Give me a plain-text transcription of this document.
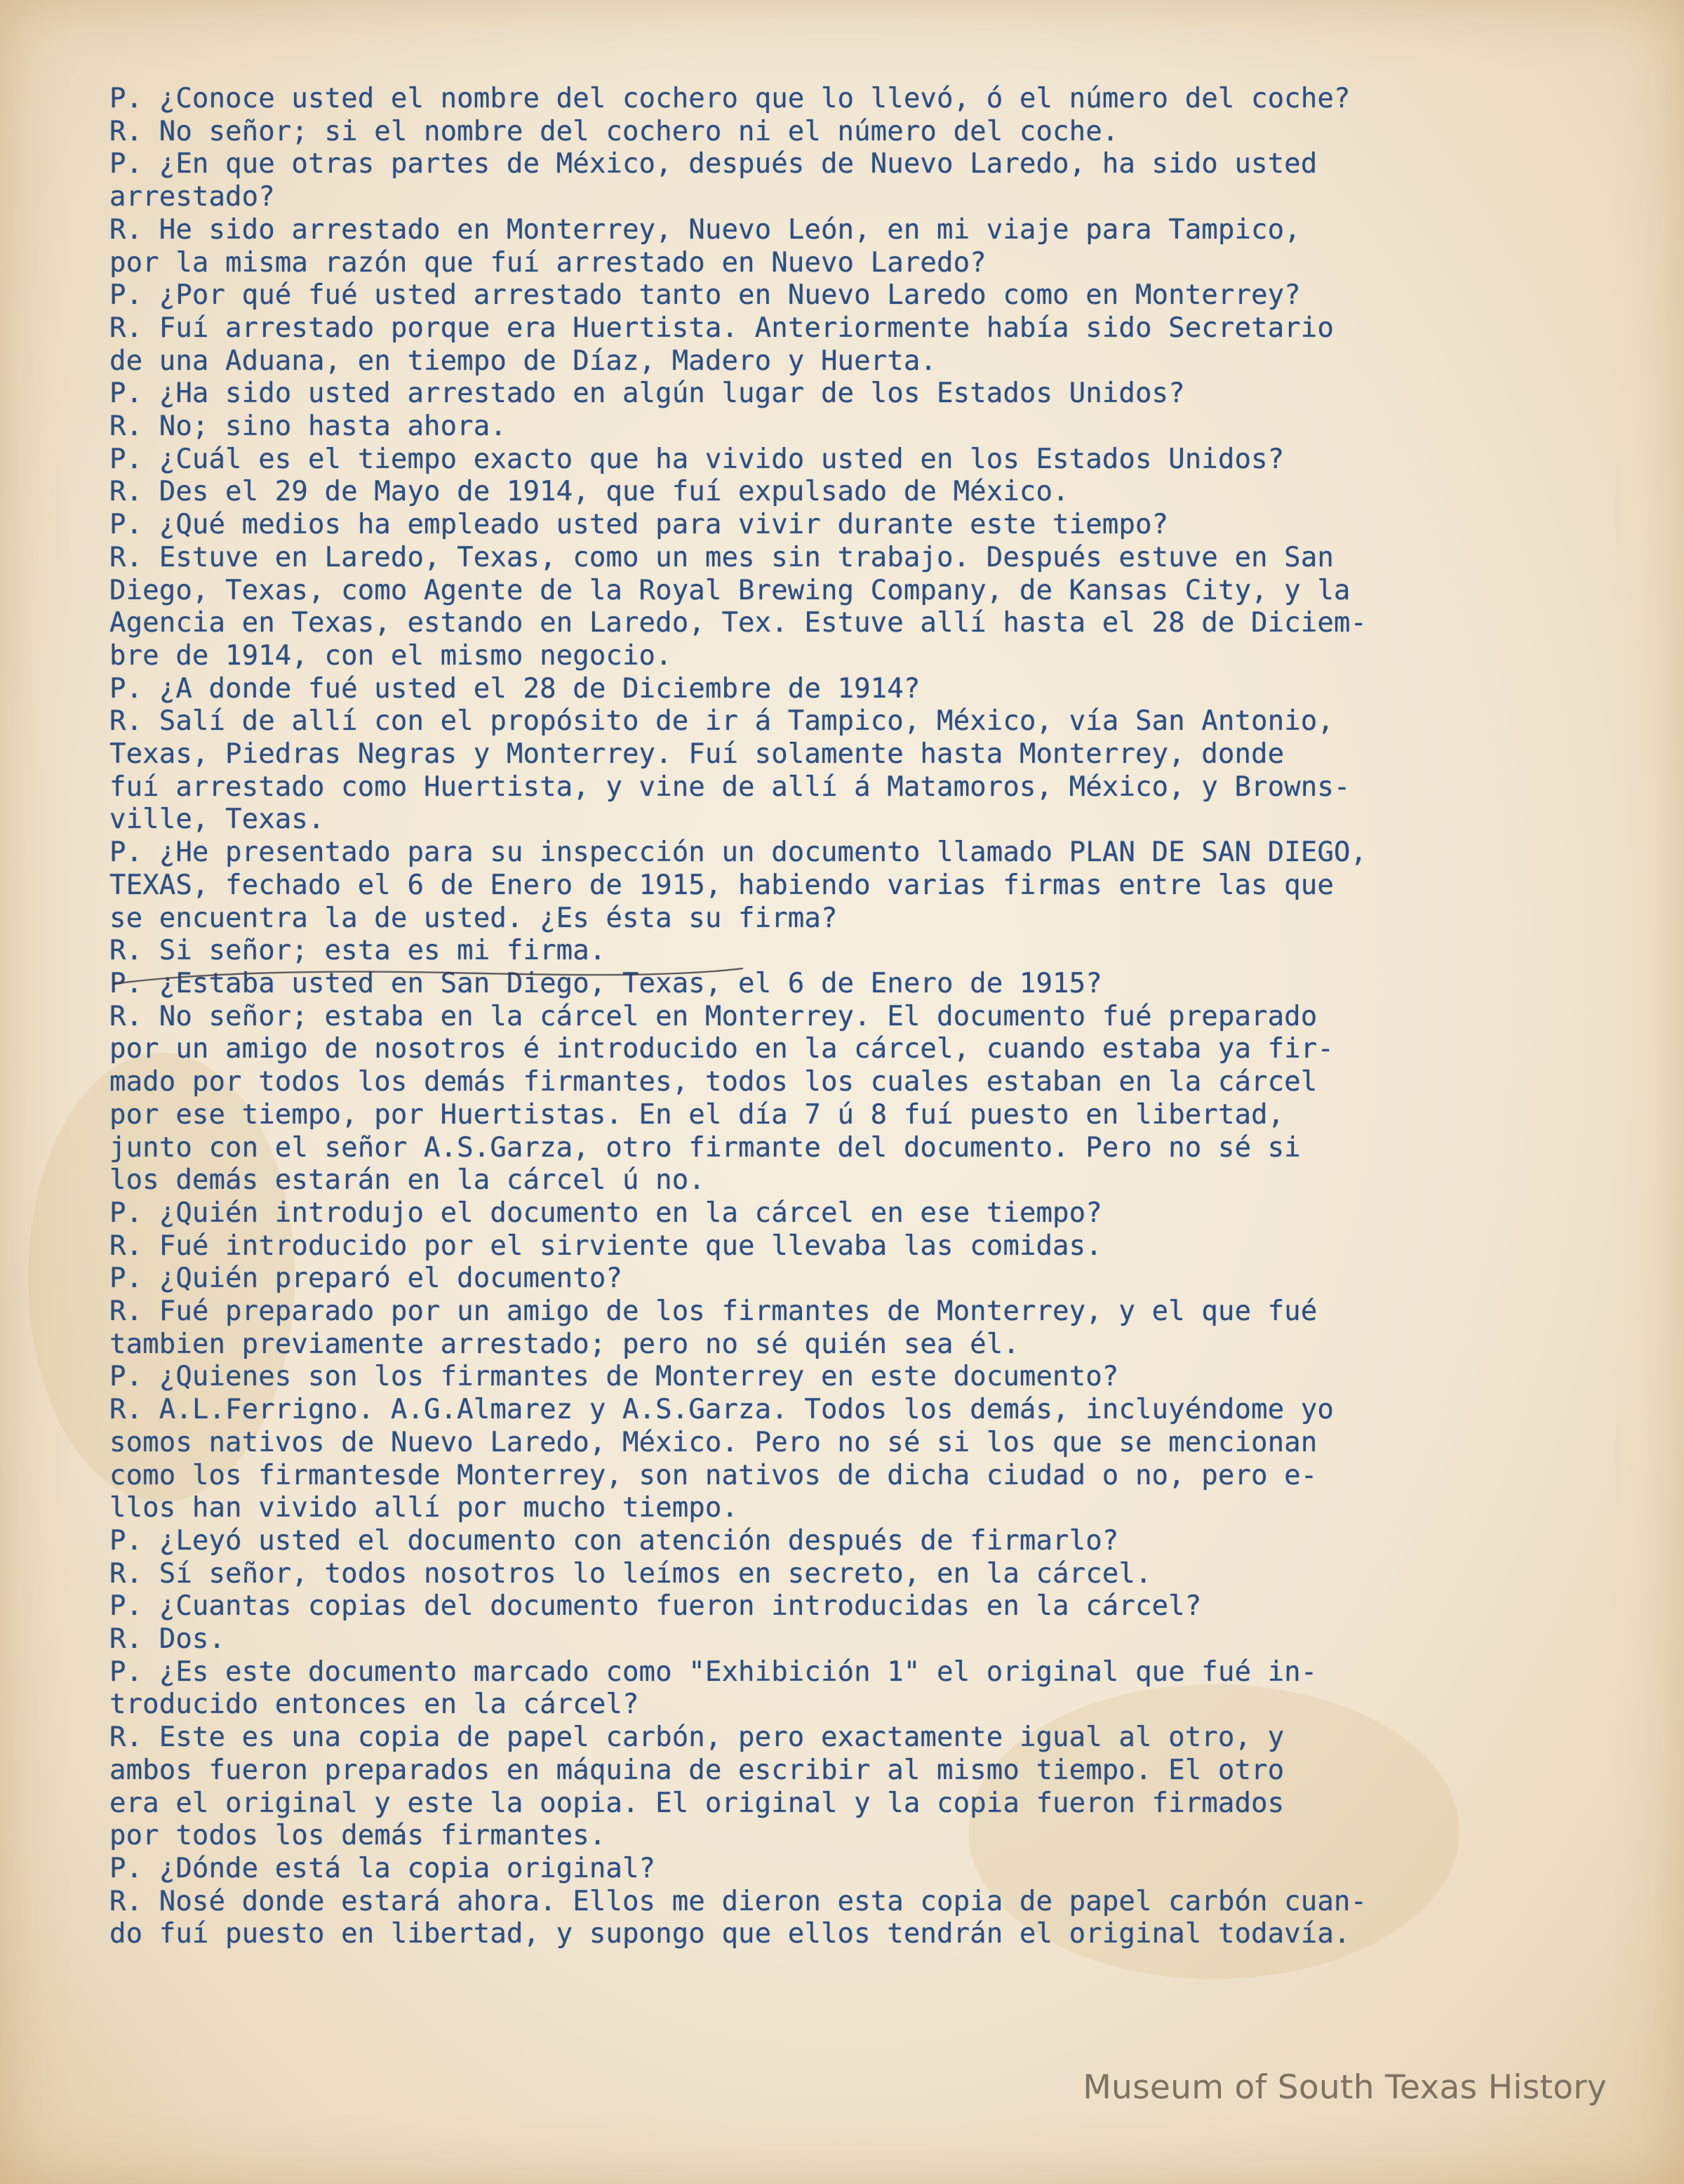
P. ¿Conoce usted el nombre del cochero que lo llevó, ó el número del coche?
R. No señor; si el nombre del cochero ni el número del coche.
P. ¿En que otras partes de México, después de Nuevo Laredo, ha sido usted
arrestado?
R. He sido arrestado en Monterrey, Nuevo León, en mi viaje para Tampico,
por la misma razón que fuí arrestado en Nuevo Laredo?
P. ¿Por qué fué usted arrestado tanto en Nuevo Laredo como en Monterrey?
R. Fuí arrestado porque era Huertista. Anteriormente había sido Secretario
de una Aduana, en tiempo de Díaz, Madero y Huerta.
P. ¿Ha sido usted arrestado en algún lugar de los Estados Unidos?
R. No; sino hasta ahora.
P. ¿Cuál es el tiempo exacto que ha vivido usted en los Estados Unidos?
R. Des el 29 de Mayo de 1914, que fuí expulsado de México.
P. ¿Qué medios ha empleado usted para vivir durante este tiempo?
R. Estuve en Laredo, Texas, como un mes sin trabajo. Después estuve en San
Diego, Texas, como Agente de la Royal Brewing Company, de Kansas City, y la
Agencia en Texas, estando en Laredo, Tex. Estuve allí hasta el 28 de Diciem-
bre de 1914, con el mismo negocio.
P. ¿A donde fué usted el 28 de Diciembre de 1914?
R. Salí de allí con el propósito de ir á Tampico, México, vía San Antonio,
Texas, Piedras Negras y Monterrey. Fuí solamente hasta Monterrey, donde
fuí arrestado como Huertista, y vine de allí á Matamoros, México, y Browns-
ville, Texas.
P. ¿He presentado para su inspección un documento llamado PLAN DE SAN DIEGO,
TEXAS, fechado el 6 de Enero de 1915, habiendo varias firmas entre las que
se encuentra la de usted. ¿Es ésta su firma?
R. Si señor; esta es mi firma.
P. ¿Estaba usted en San Diego, Texas, el 6 de Enero de 1915?
R. No señor; estaba en la cárcel en Monterrey. El documento fué preparado
por un amigo de nosotros é introducido en la cárcel, cuando estaba ya fir-
mado por todos los demás firmantes, todos los cuales estaban en la cárcel
por ese tiempo, por Huertistas. En el día 7 ú 8 fuí puesto en libertad,
junto con el señor A.S.Garza, otro firmante del documento. Pero no sé si
los demás estarán en la cárcel ú no.
P. ¿Quién introdujo el documento en la cárcel en ese tiempo?
R. Fué introducido por el sirviente que llevaba las comidas.
P. ¿Quién preparó el documento?
R. Fué preparado por un amigo de los firmantes de Monterrey, y el que fué
tambien previamente arrestado; pero no sé quién sea él.
P. ¿Quienes son los firmantes de Monterrey en este documento?
R. A.L.Ferrigno. A.G.Almarez y A.S.Garza. Todos los demás, incluyéndome yo
somos nativos de Nuevo Laredo, México. Pero no sé si los que se mencionan
como los firmantesde Monterrey, son nativos de dicha ciudad o no, pero e-
llos han vivido allí por mucho tiempo.
P. ¿Leyó usted el documento con atención después de firmarlo?
R. Sí señor, todos nosotros lo leímos en secreto, en la cárcel.
P. ¿Cuantas copias del documento fueron introducidas en la cárcel?
R. Dos.
P. ¿Es este documento marcado como "Exhibición 1" el original que fué in-
troducido entonces en la cárcel?
R. Este es una copia de papel carbón, pero exactamente igual al otro, y
ambos fueron preparados en máquina de escribir al mismo tiempo. El otro
era el original y este la oopia. El original y la copia fueron firmados
por todos los demás firmantes.
P. ¿Dónde está la copia original?
R. Nosé donde estará ahora. Ellos me dieron esta copia de papel carbón cuan-
do fuí puesto en libertad, y supongo que ellos tendrán el original todavía.
Museum of South Texas History
